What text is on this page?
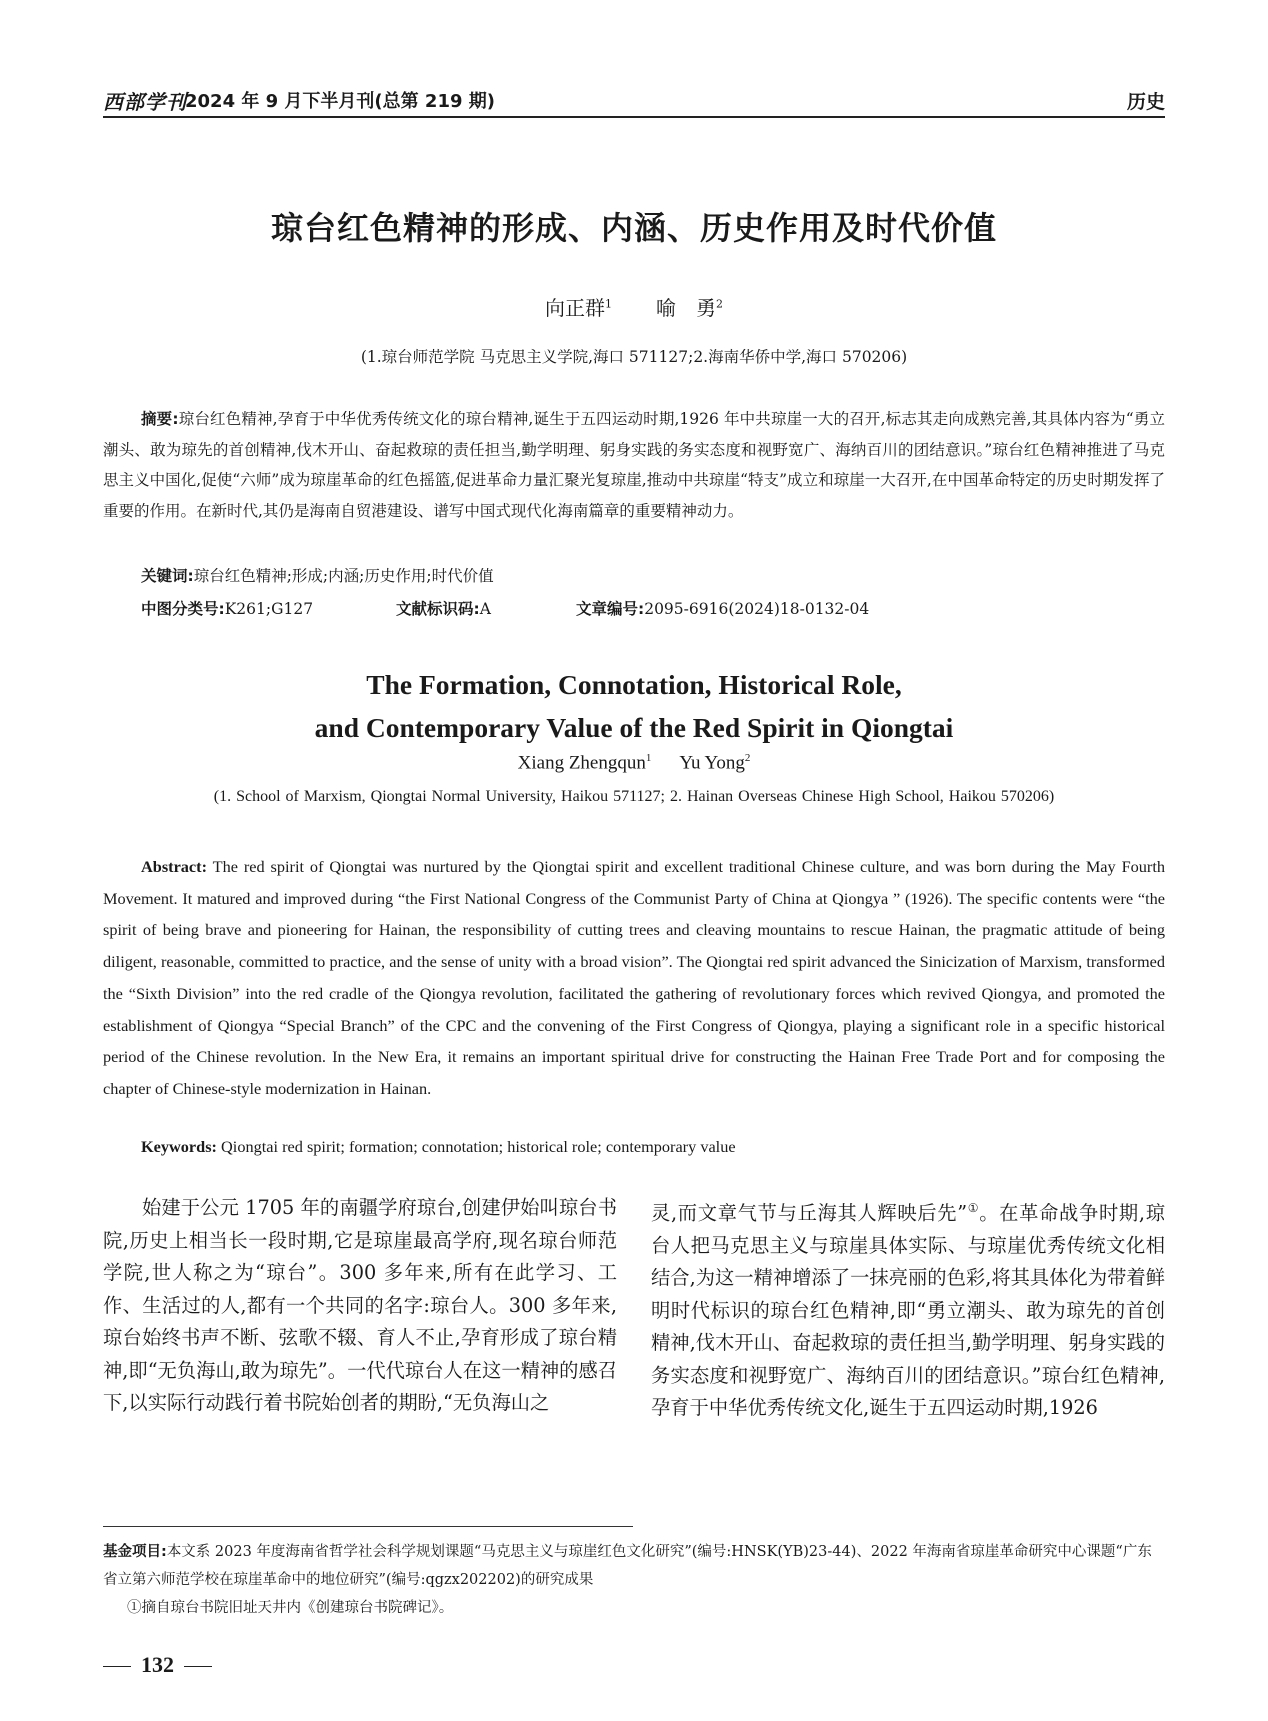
西部学刊
2024 年 9 月下半月刊(总第 219 期)	历史
琼台红色精神的形成、内涵、历史作用及时代价值
向正群$^1$ 喻　勇$^2$
(1.琼台师范学院 马克思主义学院,海口 571127;2.海南华侨中学,海口 570206)
摘要:琼台红色精神,孕育于中华优秀传统文化的琼台精神,诞生于五四运动时期,1926 年中共琼崖一大的召开,标志其走向成熟完善,其具体内容为“勇立潮头、敢为琼先的首创精神,伐木开山、奋起救琼的责任担当,勤学明理、躬身实践的务实态度和视野宽广、海纳百川的团结意识。”琼台红色精神推进了马克思主义中国化,促使“六师”成为琼崖革命的红色摇篮,促进革命力量汇聚光复琼崖,推动中共琼崖“特支”成立和琼崖一大召开,在中国革命特定的历史时期发挥了重要的作用。在新时代,其仍是海南自贸港建设、谱写中国式现代化海南篇章的重要精神动力。
关键词:琼台红色精神;形成;内涵;历史作用;时代价值
中图分类号:K261;G127	文献标识码:A	文章编号:2095-6916(2024)18-0132-04
The Formation, Connotation, Historical Role,
and Contemporary Value of the Red Spirit in Qiongtai
Xiang Zhengqun$^1$ Yu Yong$^2$
(1. School of Marxism, Qiongtai Normal University, Haikou 571127; 2. Hainan Overseas Chinese High School, Haikou 570206)
Abstract: The red spirit of Qiongtai was nurtured by the Qiongtai spirit and excellent traditional Chinese culture, and was born during the May Fourth Movement. It matured and improved during “the First National Congress of the Communist Party of China at Qiongya ” (1926). The specific contents were “the spirit of being brave and pioneering for Hainan, the responsibility of cutting trees and cleaving mountains to rescue Hainan, the pragmatic attitude of being diligent, reasonable, committed to practice, and the sense of unity with a broad vision”. The Qiongtai red spirit advanced the Sinicization of Marxism, transformed the “Sixth Division” into the red cradle of the Qiongya revolution, facilitated the gathering of revolutionary forces which revived Qiongya, and promoted the establishment of Qiongya “Special Branch” of the CPC and the convening of the First Congress of Qiongya, playing a significant role in a specific historical period of the Chinese revolution. In the New Era, it remains an important spiritual drive for constructing the Hainan Free Trade Port and for composing the chapter of Chinese-style modernization in Hainan.
Keywords: Qiongtai red spirit; formation; connotation; historical role; contemporary value
始建于公元 1705 年的南疆学府琼台,创建伊始叫琼台书院,历史上相当长一段时期,它是琼崖最高学府,现名琼台师范学院,世人称之为“琼台”。300 多年来,所有在此学习、工作、生活过的人,都有一个共同的名字:琼台人。300 多年来,琼台始终书声不断、弦歌不辍、育人不止,孕育形成了琼台精神,即“无负海山,敢为琼先”。一代代琼台人在这一精神的感召下,以实际行动践行着书院始创者的期盼,“无负海山之
灵,而文章气节与丘海其人辉映后先”①。在革命战争时期,琼台人把马克思主义与琼崖具体实际、与琼崖优秀传统文化相结合,为这一精神增添了一抹亮丽的色彩,将其具体化为带着鲜明时代标识的琼台红色精神,即“勇立潮头、敢为琼先的首创精神,伐木开山、奋起救琼的责任担当,勤学明理、躬身实践的务实态度和视野宽广、海纳百川的团结意识。”琼台红色精神,孕育于中华优秀传统文化,诞生于五四运动时期,1926
基金项目:本文系 2023 年度海南省哲学社会科学规划课题“马克思主义与琼崖红色文化研究”(编号:HNSK(YB)23-44)、2022 年海南省琼崖革命研究中心课题“广东省立第六师范学校在琼崖革命中的地位研究”(编号:qgzx202202)的研究成果
①摘自琼台书院旧址天井内《创建琼台书院碑记》。
132
